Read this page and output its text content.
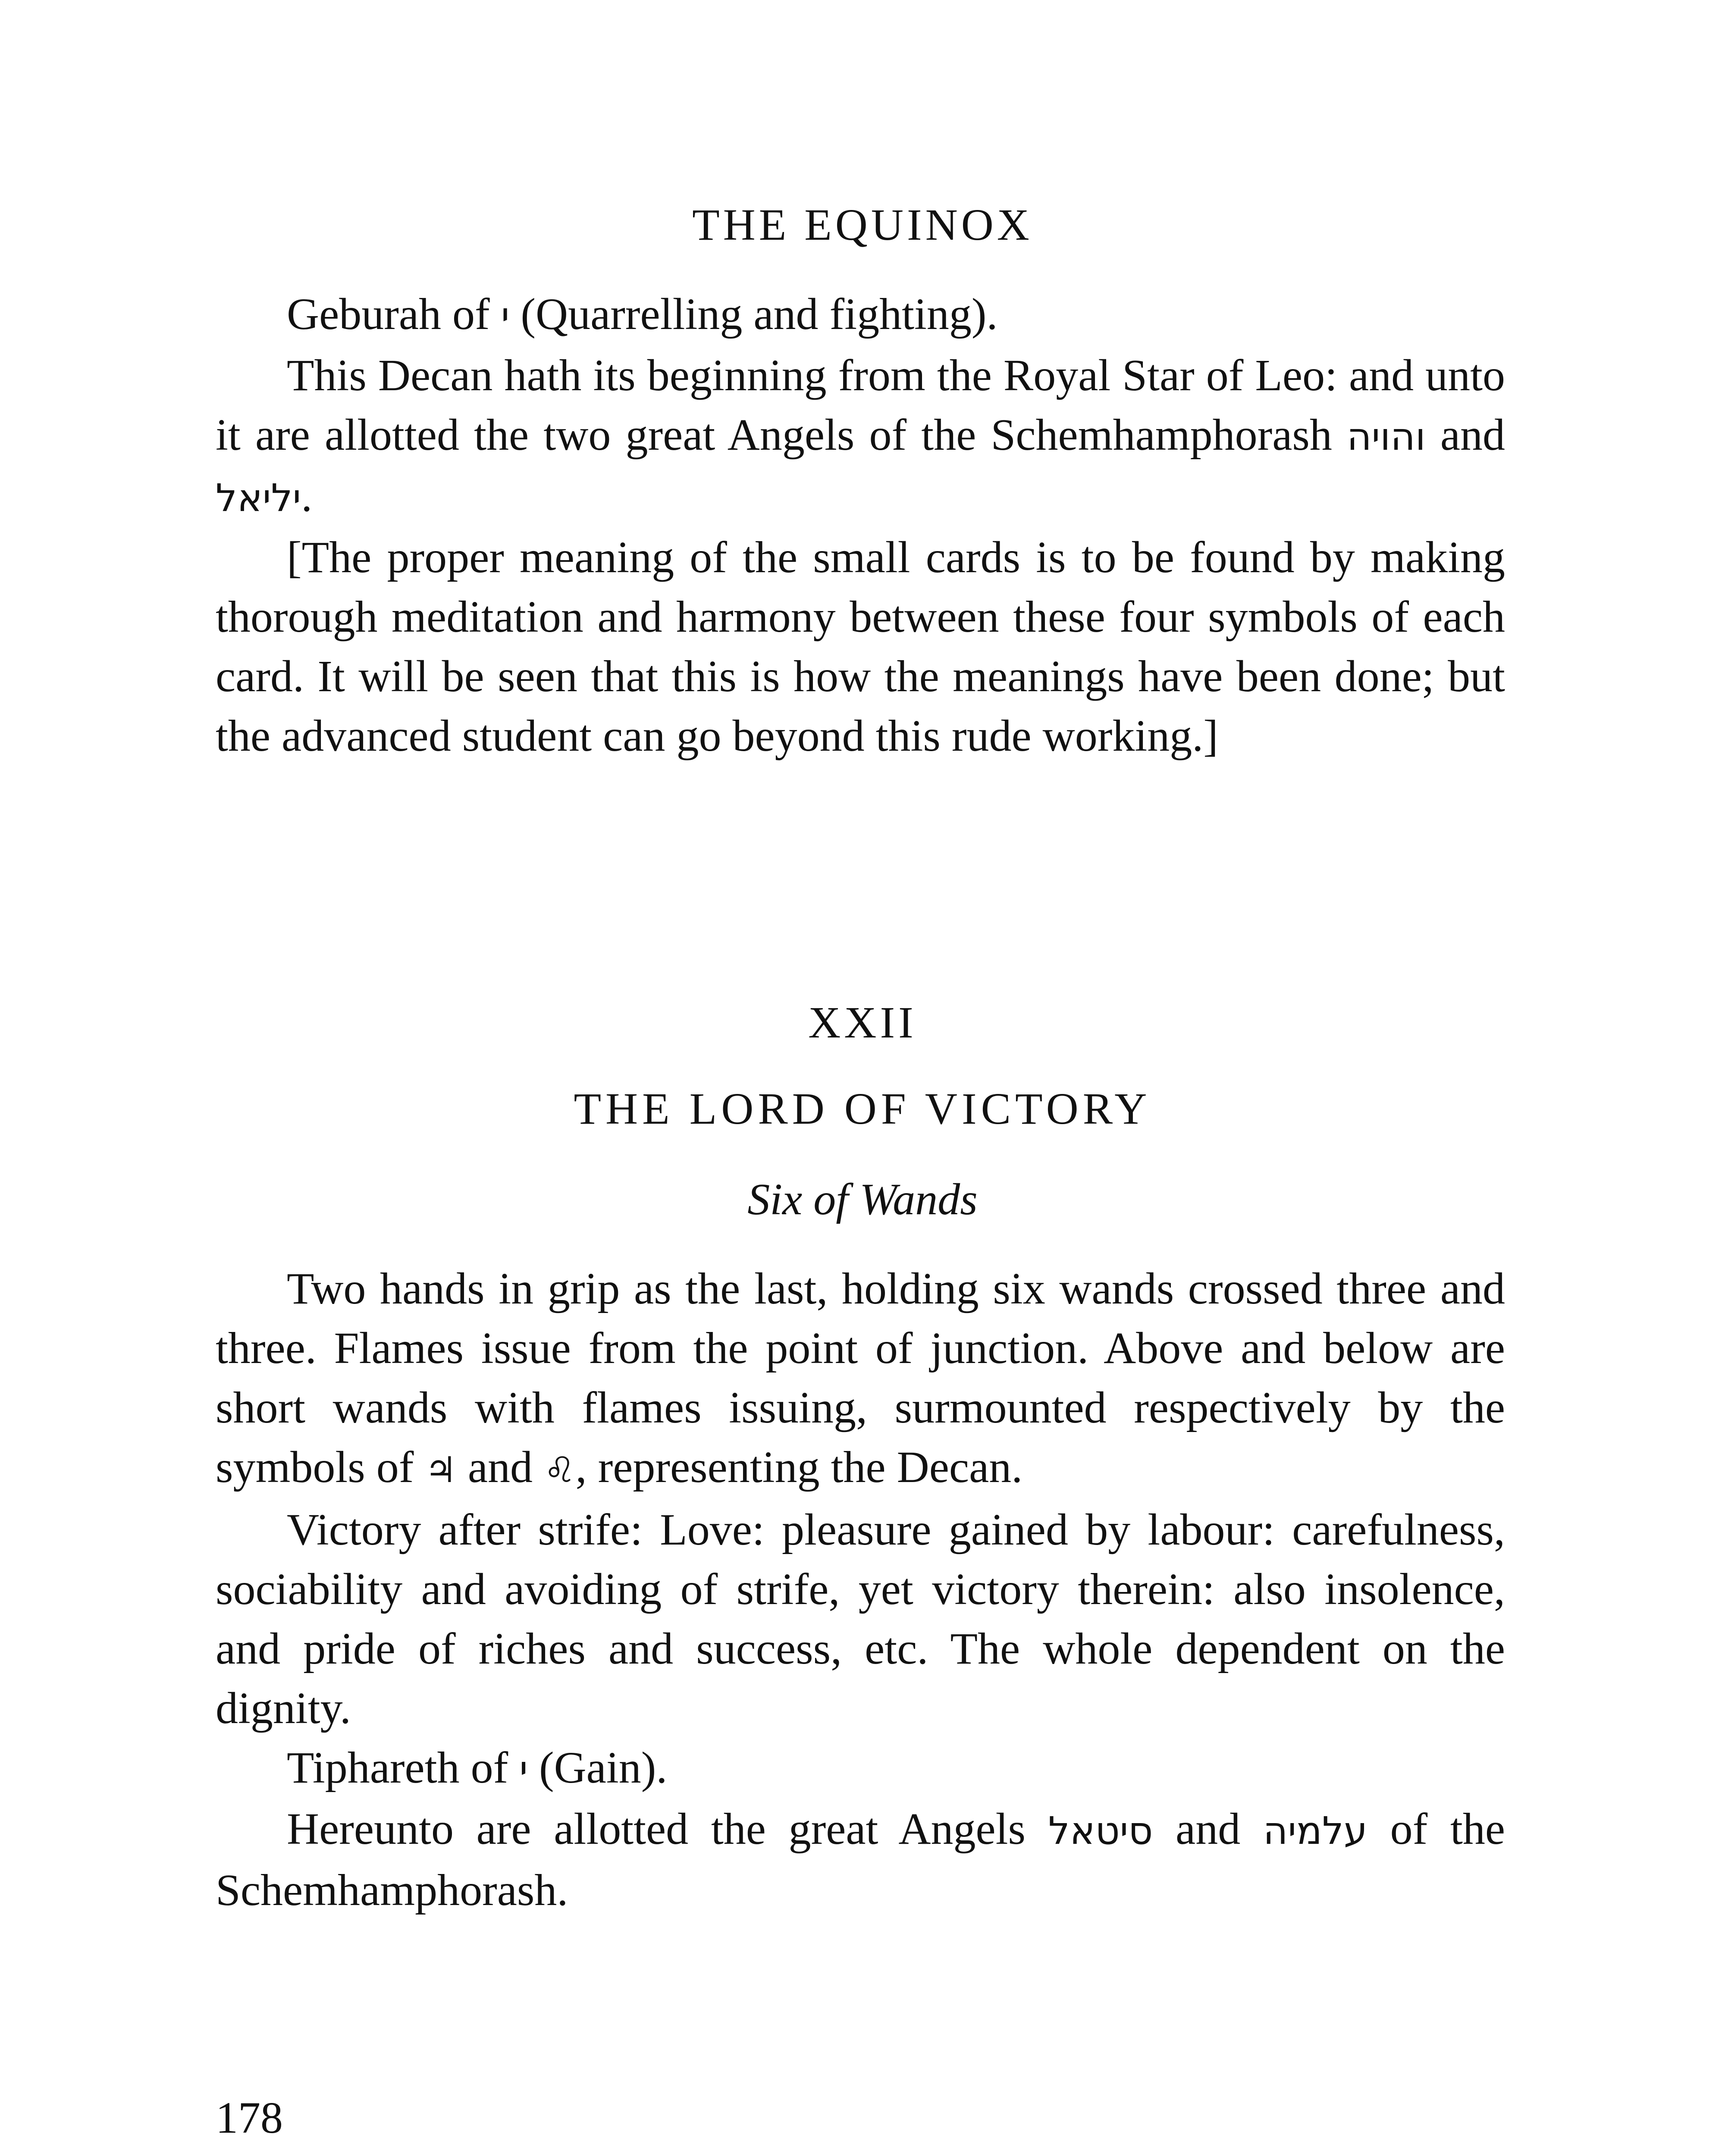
THE EQUINOX

Geburah of י (Quarrelling and fighting).

This Decan hath its beginning from the Royal Star of Leo: and unto it are allotted the two great Angels of the Schemhamphorash והויה and יליאל.

[The proper meaning of the small cards is to be found by making thorough meditation and harmony between these four symbols of each card. It will be seen that this is how the meanings have been done; but the advanced student can go beyond this rude working.]

XXII
THE LORD OF VICTORY
Six of Wands

Two hands in grip as the last, holding six wands crossed three and three. Flames issue from the point of junction. Above and below are short wands with flames issuing, surmounted respectively by the symbols of ♃ and ♌, representing the Decan.

Victory after strife: Love: pleasure gained by labour: carefulness, sociability and avoiding of strife, yet victory therein: also insolence, and pride of riches and success, etc. The whole dependent on the dignity.

Tiphareth of י (Gain).

Hereunto are allotted the great Angels סיטאל and עלמיה of the Schemhamphorash.

178
